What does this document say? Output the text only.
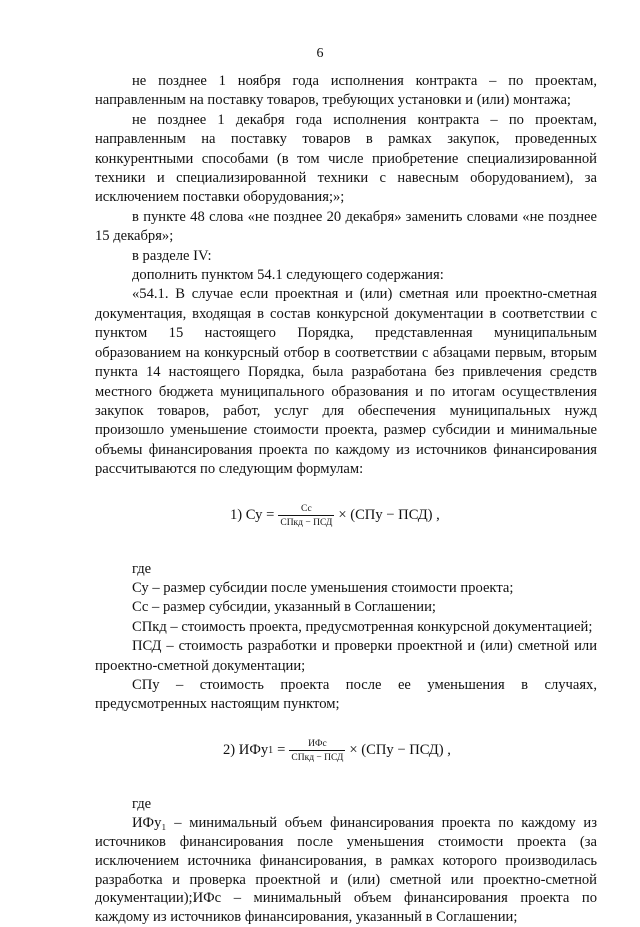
6

не позднее 1 ноября года исполнения контракта – по проектам, направленным на поставку товаров, требующих установки и (или) монтажа;

не позднее 1 декабря года исполнения контракта – по проектам, направленным на поставку товаров в рамках закупок, проведенных конкурентными способами (в том числе приобретение специализированной техники и специализированной техники с навесным оборудованием), за исключением поставки оборудования;»;

в пункте 48 слова «не позднее 20 декабря» заменить словами «не позднее 15 декабря»;

в разделе IV:

дополнить пунктом 54.1 следующего содержания:

«54.1. В случае если проектная и (или) сметная или проектно-сметная документация, входящая в состав конкурсной документации в соответствии с пунктом 15 настоящего Порядка, представленная муниципальным образованием на конкурсный отбор в соответствии с абзацами первым, вторым пункта 14 настоящего Порядка, была разработана без привлечения средств местного бюджета муниципального образования и по итогам осуществления закупок товаров, работ, услуг для обеспечения муниципальных нужд произошло уменьшение стоимости проекта, размер субсидии и минимальные объемы финансирования проекта по каждому из источников финансирования рассчитываются по следующим формулам:

1) Су = $\frac{Сс}{\text{СПкд − ПСД}} \times (СПу - ПСД)$ ,

где

Су – размер субсидии после уменьшения стоимости проекта;

Сс – размер субсидии, указанный в Соглашении;

СПкд – стоимость проекта, предусмотренная конкурсной документацией;

ПСД – стоимость разработки и проверки проектной и (или) сметной или проектно-сметной документации;

СПу – стоимость проекта после ее уменьшения в случаях, предусмотренных настоящим пунктом;

2) ИФу $1 = \frac{\text{ИФс}}{\text{СПкд − ПСД}} \times (СПу - ПСД)$ ,

где

ИФу₁ – минимальный объем финансирования проекта по каждому из источников финансирования после уменьшения стоимости проекта (за исключением источника финансирования, в рамках которого производилась разработка и проверка проектной и (или) сметной или проектно-сметной документации);ИФс – минимальный объем финансирования проекта по каждому из источников финансирования, указанный в Соглашении;
